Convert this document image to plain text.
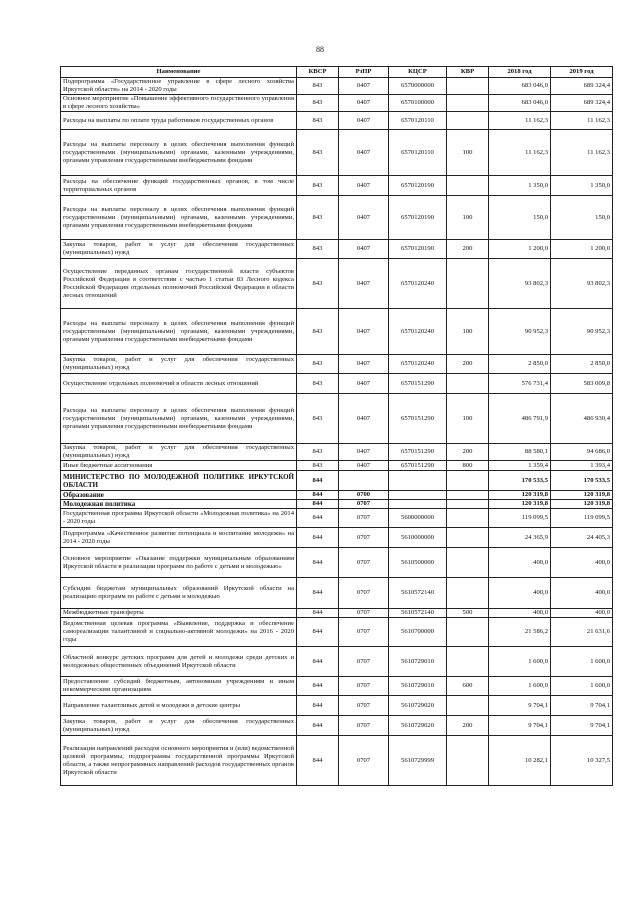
88
Наименование	КВСР	РзПР	КЦСР	КВР	2018 год	2019 год
Подпрограмма «Государственное управление в сфере лесного хозяйства Иркутской области» на 2014 - 2020 годы	843	0407	6570000000		683 046,0	689 324,4
Основное мероприятие «Повышение эффективного государственного управления в сфере лесного хозяйства»	843	0407	6570100000		683 046,0	689 324,4
Расходы на выплаты по оплате труда работников государственных органов	843	0407	6570120110		11 162,3	11 162,3
Расходы на выплаты персоналу в целях обеспечения выполнения функций государственными (муниципальными) органами, казенными учреждениями, органами управления государственными внебюджетными фондами	843	0407	6570120110	100	11 162,3	11 162,3
Расходы на обеспечение функций государственных органов, в том числе территориальных органов	843	0407	6570120190		1 350,0	1 350,0
Расходы на выплаты персоналу в целях обеспечения выполнения функций государственными (муниципальными) органами, казенными учреждениями, органами управления государственными внебюджетными фондами	843	0407	6570120190	100	150,0	150,0
Закупка товаров, работ и услуг для обеспечения государственных (муниципальных) нужд	843	0407	6570120190	200	1 200,0	1 200,0
Осуществление переданных органам государственной власти субъектов Российской Федерации в соответствии с частью 1 статьи 83 Лесного кодекса Российской Федерации отдельных полномочий Российской Федерации в области лесных отношений	843	0407	6570120240		93 802,3	93 802,3
Расходы на выплаты персоналу в целях обеспечения выполнения функций государственными (муниципальными) органами, казенными учреждениями, органами управления государственными внебюджетными фондами	843	0407	6570120240	100	90 952,3	90 952,3
Закупка товаров, работ и услуг для обеспечения государственных (муниципальных) нужд	843	0407	6570120240	200	2 850,0	2 850,0
Осуществление отдельных полномочий в области лесных отношений	843	0407	6570151290		576 731,4	583 009,8
Расходы на выплаты персоналу в целях обеспечения выполнения функций государственными (муниципальными) органами, казенными учреждениями, органами управления государственными внебюджетными фондами	843	0407	6570151290	100	486 791,9	486 930,4
Закупка товаров, работ и услуг для обеспечения государственных (муниципальных) нужд	843	0407	6570151290	200	88 580,1	94 686,0
Иные бюджетные ассигнования	843	0407	6570151290	800	1 359,4	1 393,4
МИНИСТЕРСТВО ПО МОЛОДЕЖНОЙ ПОЛИТИКЕ ИРКУТСКОЙ ОБЛАСТИ	844				170 533,5	170 533,5
Образование	844	0700			120 319,8	120 319,8
Молодежная политика	844	0707			120 319,8	120 319,8
Государственная программа Иркутской области «Молодежная политика» на 2014 - 2020 годы	844	0707	5600000000		119 099,5	119 099,5
Подпрограмма «Качественное развитие потенциала и воспитание молодежи» на 2014 - 2020 годы	844	0707	5610000000		24 365,9	24 405,3
Основное мероприятие «Оказание поддержки муниципальным образованиям Иркутской области в реализации программ по работе с детьми и молодежью»	844	0707	5610500000		400,0	400,0
Субсидии бюджетам муниципальных образований Иркутской области на реализацию программ по работе с детьми и молодежью	844	0707	5610572140		400,0	400,0
Межбюджетные трансферты	844	0707	5610572140	500	400,0	400,0
Ведомственная целевая программа «Выявление, поддержка и обеспечение самореализации талантливой и социально-активной молодежи» на 2016 - 2020 годы	844	0707	5610700000		21 586,2	21 631,6
Областной конкурс детских программ для детей и молодежи среди детских и молодежных общественных объединений Иркутской области	844	0707	5610729010		1 600,0	1 600,0
Предоставление субсидий бюджетным, автономным учреждениям и иным некоммерческим организациям	844	0707	5610729010	600	1 600,0	1 600,0
Направление талантливых детей и молодежи в детские центры	844	0707	5610729020		9 704,1	9 704,1
Закупка товаров, работ и услуг для обеспечения государственных (муниципальных) нужд	844	0707	5610729020	200	9 704,1	9 704,1
Реализация направлений расходов основного мероприятия и (или) ведомственной целевой программы, подпрограммы государственной программы Иркутской области, а также непрограммных направлений расходов государственных органов Иркутской области	844	0707	5610729999		10 282,1	10 327,5
